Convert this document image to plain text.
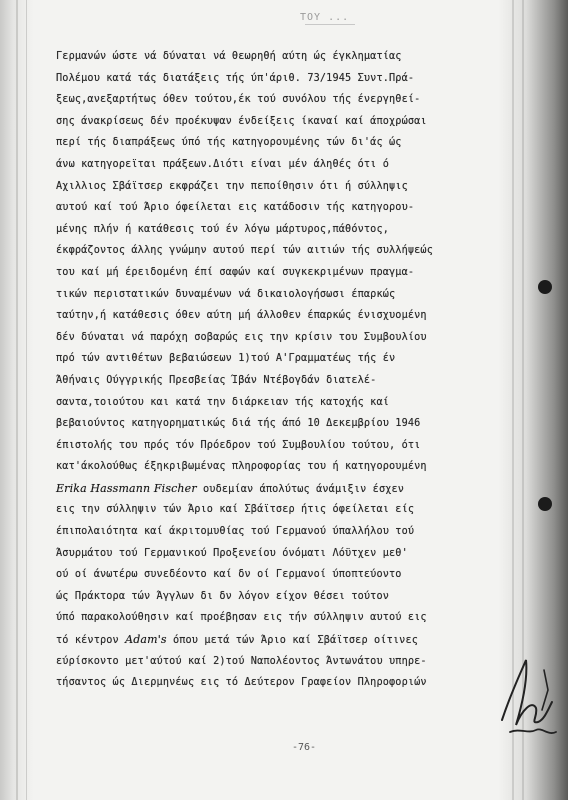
ΤΟΥ ...
Γερμανών ώστε νά δύναται νά θεωρηθή αύτη ώς έγκληματίας
Πολέμου κατά τάς διατάξεις τής ύπ'άριθ. 73/1945 Συντ.Πρά-
ξεως,ανεξαρτήτως όθεν τούτου,έκ τού συνόλου τής ένεργηθεί-
σης άνακρίσεως δέν προέκυψαν ένδείξεις ίκαναί καί άποχρώσαι
περί τής διαπράξεως ύπό τής κατηγορουμένης τών δι'άς ώς
άνω κατηγορεϊται πράξεων.Διότι είναι μέν άληθές ότι ό
Αχιλλιος Σβάϊτσερ εκφράζει την πεποίθησιν ότι ή σύλληψις
αυτού καί τού Άριο όφείλεται εις κατάδοσιν τής κατηγορου-
μένης πλήν ή κατάθεσις τού έν λόγω μάρτυρος,πάθόντος,
έκφράζοντος άλλης γνώμην αυτού περί τών αιτιών τής συλλήψεώς
του καί μή έρειδομένη έπί σαφών καί συγκεκριμένων πραγμα-
τικών περιστατικών δυναμένων νά δικαιολογήσωσι έπαρκώς
ταύτην,ή κατάθεσις όθεν αύτη μή άλλοθεν έπαρκώς ένισχυομένη
δέν δύναται νά παρόχη σοβαρώς εις την κρίσιν του Συμβουλίου
πρό τών αντιθέτων βεβαιώσεων 1)τού Α'Γραμματέως τής έν
Άθήναις Ούγγρικής Πρεσβείας Ίβάν Ντέβογδάν διατελέ-
σαντα,τοιούτου και κατά την διάρκειαν τής κατοχής καί
βεβαιούντος κατηγορηματικώς διά τής άπό 10 Δεκεμβρίου 1946
έπιστολής του πρός τόν Πρόεδρον τού Συμβουλίου τούτου, ότι
κατ'άκολούθως έξηκριβωμένας πληροφορίας του ή κατηγορουμένη
Erika Hassmann Fischer ουδεμίαν άπολύτως άνάμιξιν έσχεν
εις την σύλληψιν τών Άριο καί Σβάϊτσερ ήτις όφείλεται είς
έπιπολαιότητα καί άκριτομυθίας τού Γερμανού ύπαλλήλου τού
Άσυρμάτου τού Γερμανικού Προξενείου όνόματι Λόϋτχεν μεθ'
ού οί άνωτέρω συνεδέοντο καί δν οί Γερμανοί ύποπτεύοντο
ώς Πράκτορα τών Άγγλων δι δν λόγον είχον θέσει τούτον
ύπό παρακολούθησιν καί προέβησαν εις τήν σύλληψιν αυτού εις
τό κέντρον Adam's όπου μετά τών Άριο καί Σβάϊτσερ οίτινες
εύρίσκοντο μετ'αύτού καί 2)τού Ναπολέοντος Άντωνάτου υπηρε-
τήσαντος ώς Διερμηνέως εις τό Δεύτερον Γραφείον Πληροφοριών
-76-
